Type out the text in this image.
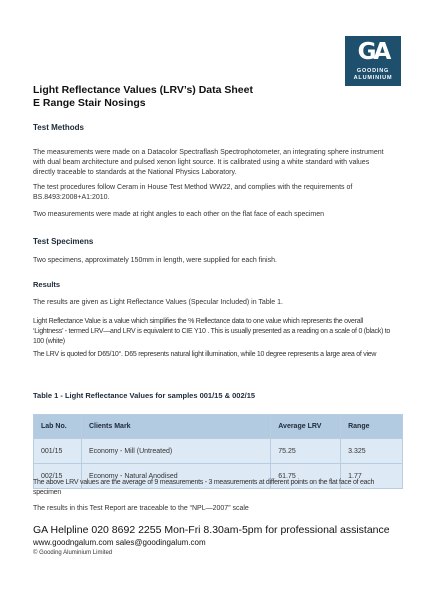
GA
GOODING
ALUMINIUM
Light Reflectance Values (LRV’s) Data Sheet
E Range Stair Nosings
Test Methods
The measurements were made on a Datacolor Spectraflash Spectrophotometer, an integrating sphere instrument with dual beam architecture and pulsed xenon light source. It is calibrated using a white standard with values directly traceable to standards at the National Physics Laboratory.
The test procedures follow Ceram in House Test Method WW22, and complies with the requirements of BS.8493:2008+A1:2010.
Two measurements were made at right angles to each other on the flat face of each specimen
Test Specimens
Two specimens, approximately 150mm in length, were supplied for each finish.
Results
The results are given as Light Reflectance Values (Specular Included) in Table 1.
Light Reflectance Value is a value which simplifies the % Reflectance data to one value which represents the overall ‘Lightness’ - termed LRV—and LRV is equivalent to CIE Y10 . This is usually presented as a reading on a scale of 0 (black) to 100 (white)
The LRV is quoted for D65/10°. D65 represents natural light illumination, while 10 degree represents a large area of view
Table 1 - Light Reflectance Values for samples 001/15 & 002/15
Lab No.	Clients Mark	Average LRV	Range
001/15	Economy - Mill (Untreated)	75.25	3.325
002/15	Economy - Natural Anodised	61.75	1.77
The above LRV values are the average of 9 measurements - 3 measurements at different points on the flat face of each specimen
The results in this Test Report are traceable to the “NPL—2007” scale
GA Helpline 020 8692 2255 Mon-Fri 8.30am-5pm for professional assistance
www.goodngalum.com sales@goodingalum.com
© Gooding Aluminium Limited
